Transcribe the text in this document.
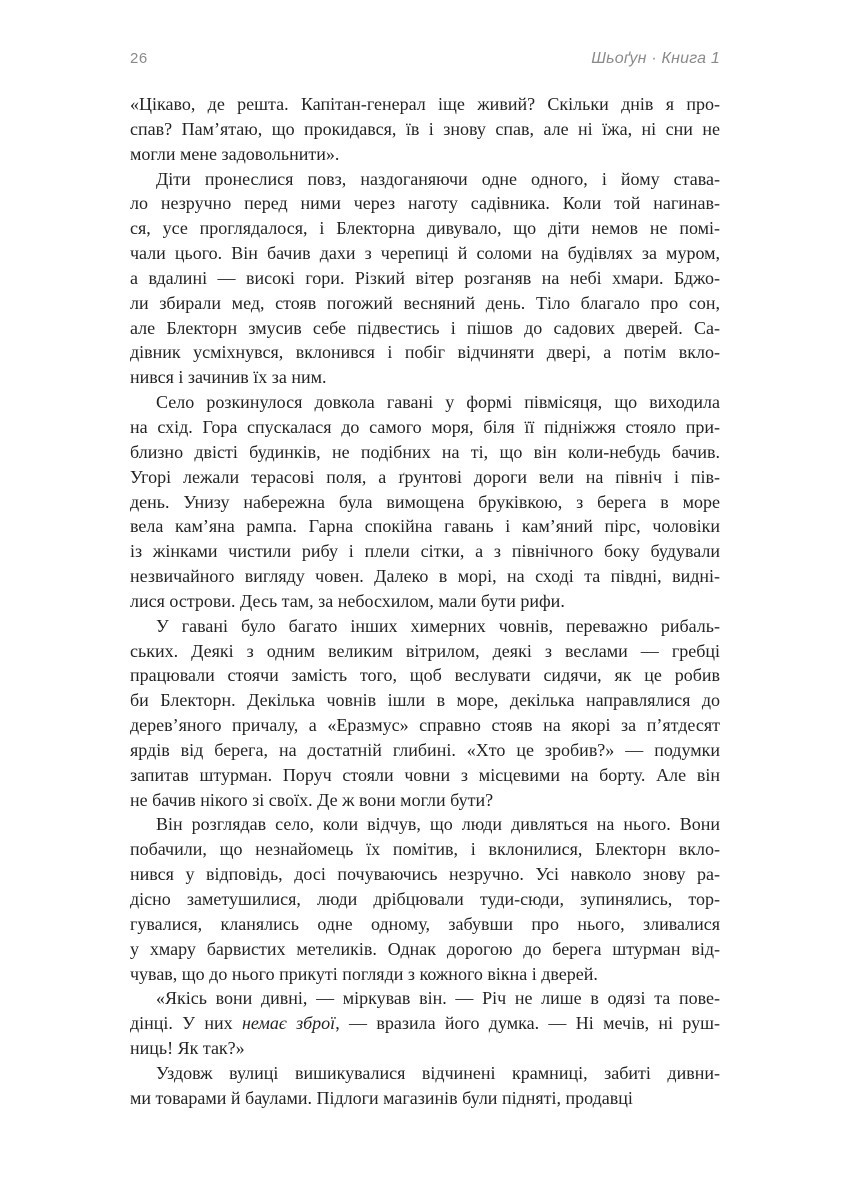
26	Шьоґун · Книга 1
«Цікаво, де решта. Капітан-генерал іще живий? Скільки днів я про-
спав? Пам’ятаю, що прокидався, їв і знову спав, але ні їжа, ні сни не
могли мене задовольнити».
Діти пронеслися повз, наздоганяючи одне одного, і йому става-
ло незручно перед ними через наготу садівника. Коли той нагинав-
ся, усе проглядалося, і Блекторна дивувало, що діти немов не помі-
чали цього. Він бачив дахи з черепиці й соломи на будівлях за муром,
а вдалині — високі гори. Різкий вітер розганяв на небі хмари. Бджо-
ли збирали мед, стояв погожий весняний день. Тіло благало про сон,
але Блекторн змусив себе підвестись і пішов до садових дверей. Са-
дівник усміхнувся, вклонився і побіг відчиняти двері, а потім вкло-
нився і зачинив їх за ним.
Село розкинулося довкола гавані у формі півмісяця, що виходила
на схід. Гора спускалася до самого моря, біля її підніжжя стояло при-
близно двісті будинків, не подібних на ті, що він коли-небудь бачив.
Угорі лежали терасові поля, а ґрунтові дороги вели на північ і пів-
день. Унизу набережна була вимощена бруківкою, з берега в море
вела кам’яна рампа. Гарна спокійна гавань і кам’яний пірс, чоловіки
із жінками чистили рибу і плели сітки, а з північного боку будували
незвичайного вигляду човен. Далеко в морі, на сході та півдні, видні-
лися острови. Десь там, за небосхилом, мали бути рифи.
У гавані було багато інших химерних човнів, переважно рибаль-
ських. Деякі з одним великим вітрилом, деякі з веслами — гребці
працювали стоячи замість того, щоб веслувати сидячи, як це робив
би Блекторн. Декілька човнів ішли в море, декілька направлялися до
дерев’яного причалу, а «Еразмус» справно стояв на якорі за п’ятдесят
ярдів від берега, на достатній глибині. «Хто це зробив?» — подумки
запитав штурман. Поруч стояли човни з місцевими на борту. Але він
не бачив нікого зі своїх. Де ж вони могли бути?
Він розглядав село, коли відчув, що люди дивляться на нього. Вони
побачили, що незнайомець їх помітив, і вклонилися, Блекторн вкло-
нився у відповідь, досі почуваючись незручно. Усі навколо знову ра-
дісно заметушилися, люди дрібцювали туди-сюди, зупинялись, тор-
гувалися, кланялись одне одному, забувши про нього, зливалися
у хмару барвистих метеликів. Однак дорогою до берега штурман від-
чував, що до нього прикуті погляди з кожного вікна і дверей.
«Якісь вони дивні, — міркував він. — Річ не лише в одязі та пове-
дінці. У них немає зброї, — вразила його думка. — Ні мечів, ні руш-
ниць! Як так?»
Уздовж вулиці вишикувалися відчинені крамниці, забиті дивни-
ми товарами й баулами. Підлоги магазинів були підняті, продавці
